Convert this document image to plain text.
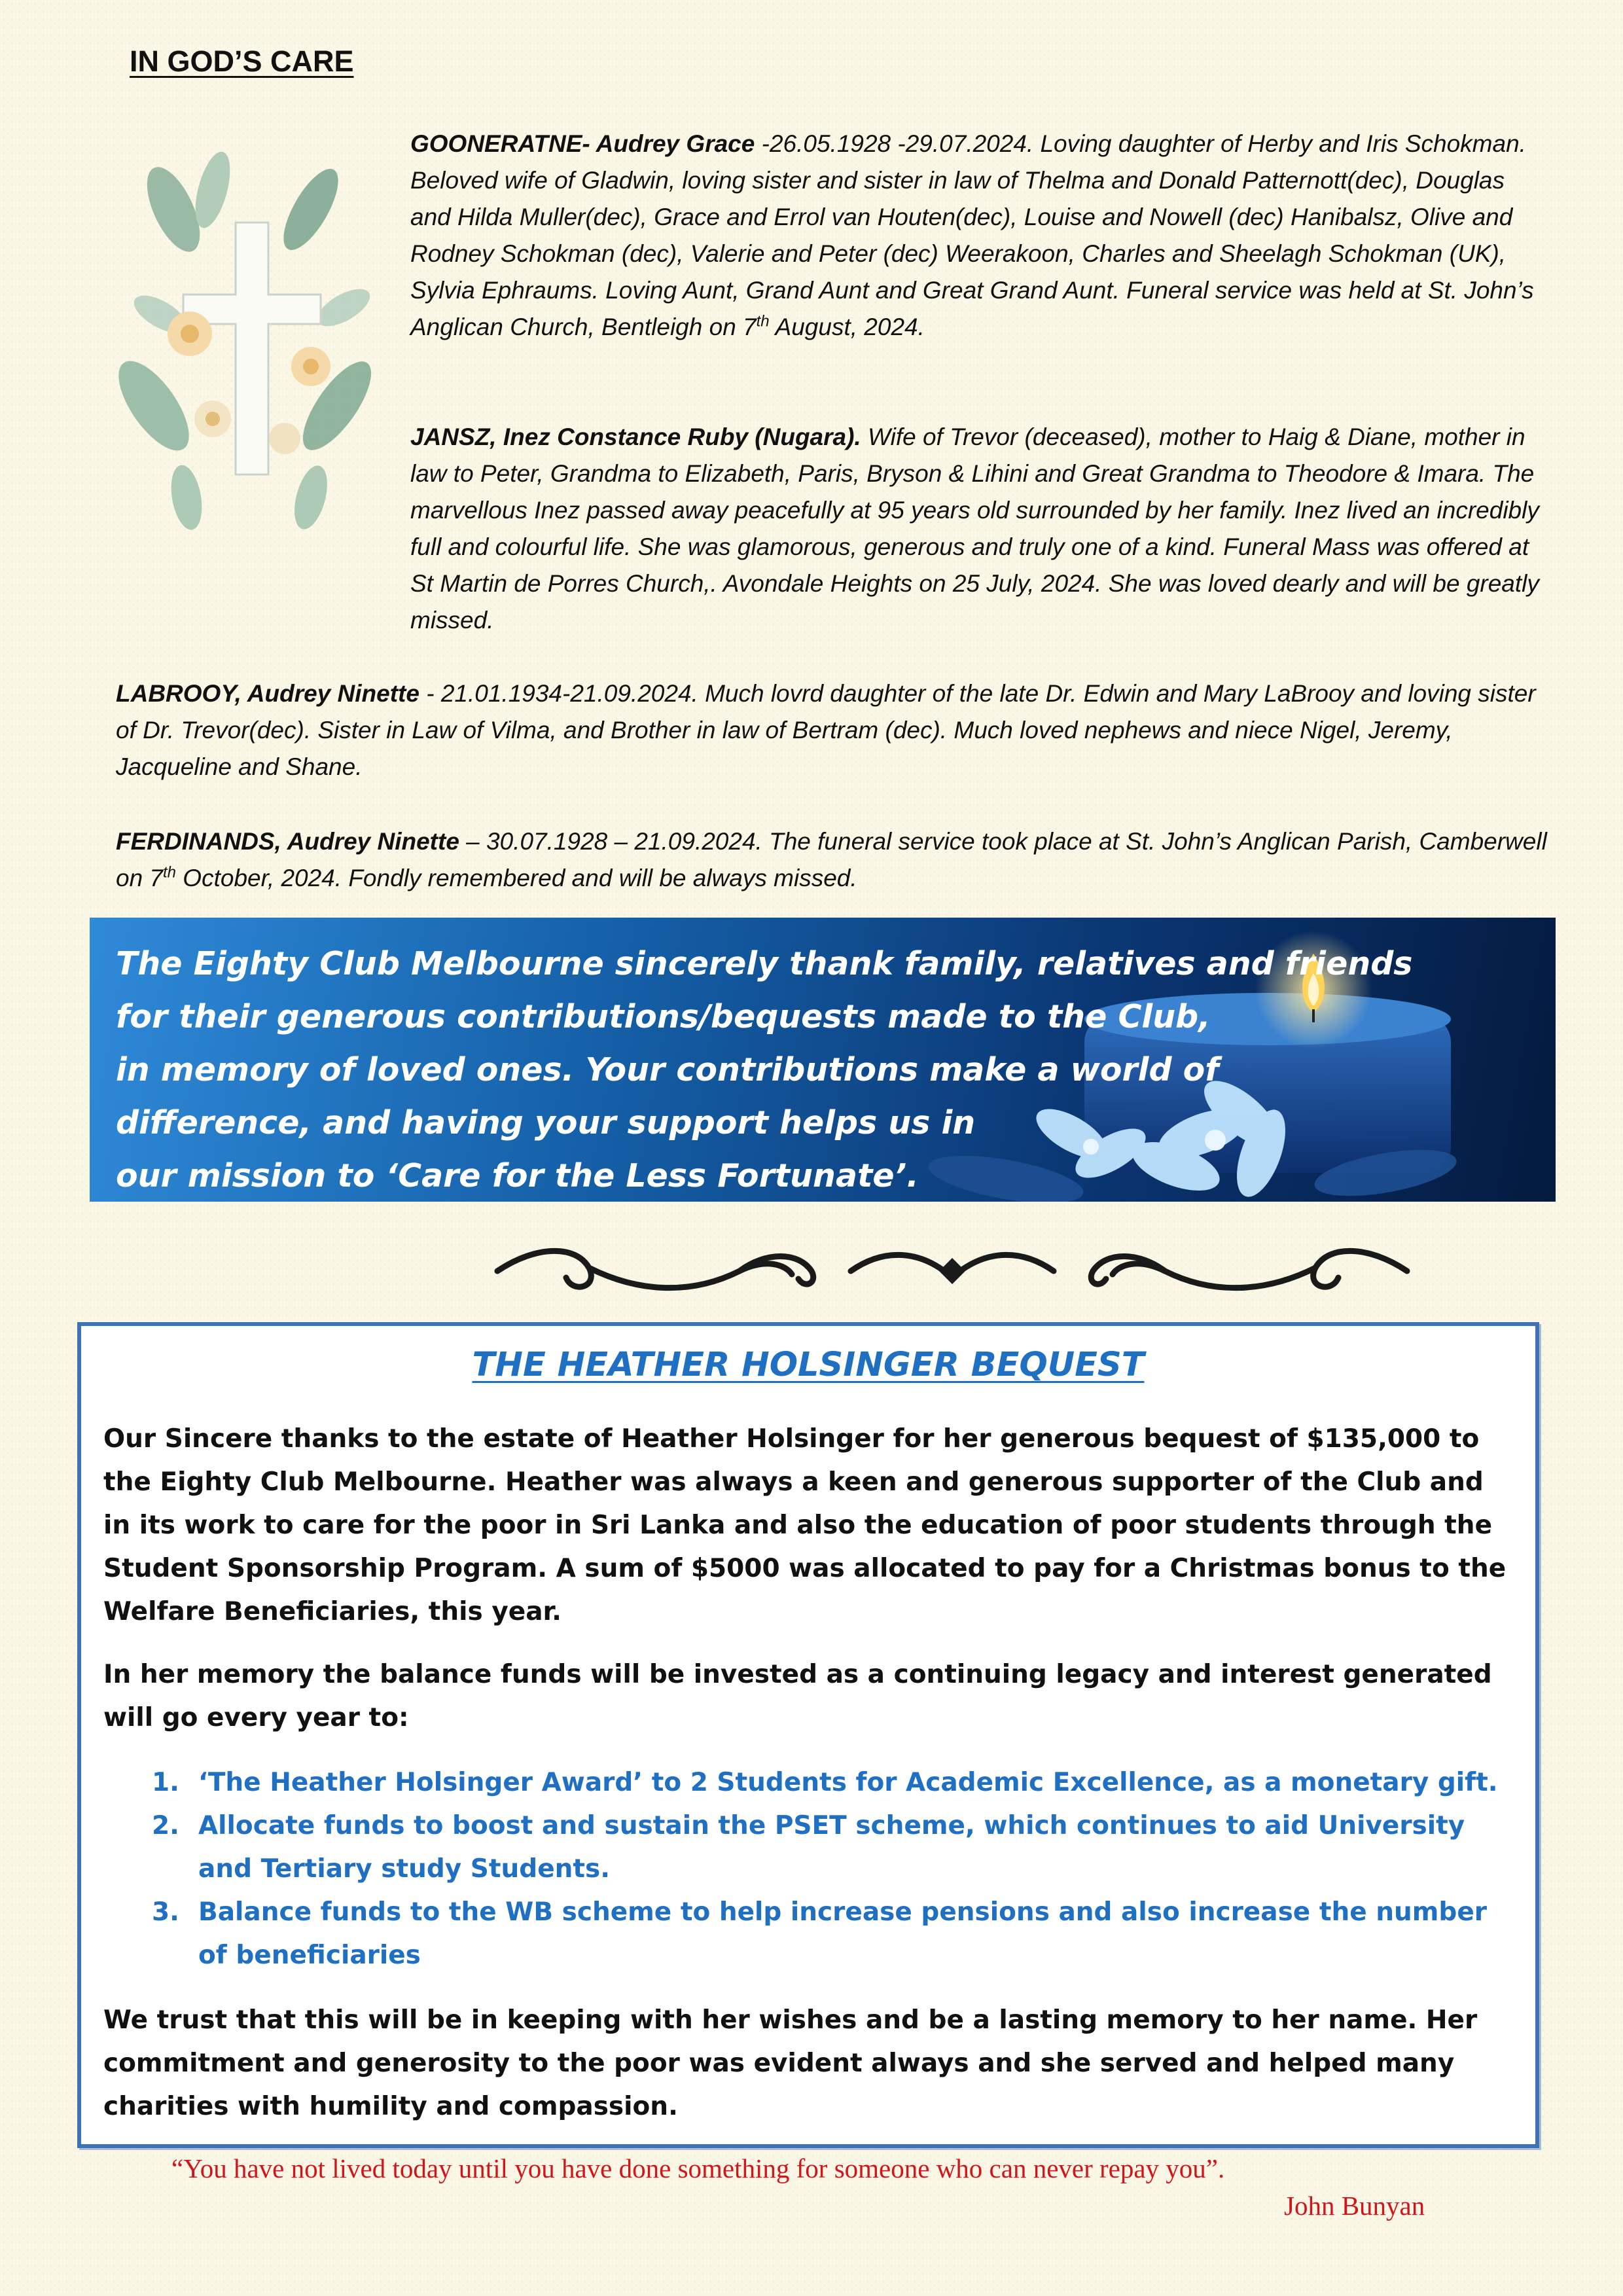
IN GOD’S CARE
GOONERATNE- Audrey Grace -26.05.1928 -29.07.2024. Loving daughter of Herby and Iris Schokman. Beloved wife of Gladwin, loving sister and sister in law of Thelma and Donald Patternott(dec), Douglas and Hilda Muller(dec), Grace and Errol van Houten(dec), Louise and Nowell (dec) Hanibalsz, Olive and Rodney Schokman (dec), Valerie and Peter (dec) Weerakoon, Charles and Sheelagh Schokman (UK), Sylvia Ephraums. Loving Aunt, Grand Aunt and Great Grand Aunt. Funeral service was held at St. John’s Anglican Church, Bentleigh on 7th August, 2024.
JANSZ, Inez Constance Ruby (Nugara). Wife of Trevor (deceased), mother to Haig & Diane, mother in law to Peter, Grandma to Elizabeth, Paris, Bryson & Lihini and Great Grandma to Theodore & Imara. The marvellous Inez passed away peacefully at 95 years old surrounded by her family. Inez lived an incredibly full and colourful life. She was glamorous, generous and truly one of a kind. Funeral Mass was offered at St Martin de Porres Church,. Avondale Heights on 25 July, 2024. She was loved dearly and will be greatly missed.
LABROOY, Audrey Ninette - 21.01.1934-21.09.2024. Much lovrd daughter of the late Dr. Edwin and Mary LaBrooy and loving sister of Dr. Trevor(dec). Sister in Law of Vilma, and Brother in law of Bertram (dec). Much loved nephews and niece Nigel, Jeremy, Jacqueline and Shane.
FERDINANDS, Audrey Ninette – 30.07.1928 – 21.09.2024. The funeral service took place at St. John’s Anglican Parish, Camberwell on 7th October, 2024. Fondly remembered and will be always missed.
The Eighty Club Melbourne sincerely thank family, relatives and friends
for their generous contributions/bequests made to the Club,
in memory of loved ones. Your contributions make a world of
difference, and having your support helps us in
our mission to ‘Care for the Less Fortunate’.
THE HEATHER HOLSINGER BEQUEST
Our Sincere thanks to the estate of Heather Holsinger for her generous bequest of $135,000 to the Eighty Club Melbourne. Heather was always a keen and generous supporter of the Club and in its work to care for the poor in Sri Lanka and also the education of poor students through the Student Sponsorship Program. A sum of $5000 was allocated to pay for a Christmas bonus to the Welfare Beneficiaries, this year.
In her memory the balance funds will be invested as a continuing legacy and interest generated will go every year to:
1. ‘The Heather Holsinger Award’ to 2 Students for Academic Excellence, as a monetary gift.
2. Allocate funds to boost and sustain the PSET scheme, which continues to aid University and Tertiary study Students.
3. Balance funds to the WB scheme to help increase pensions and also increase the number of beneficiaries
We trust that this will be in keeping with her wishes and be a lasting memory to her name. Her commitment and generosity to the poor was evident always and she served and helped many charities with humility and compassion.
“You have not lived today until you have done something for someone who can never repay you”.
John Bunyan
